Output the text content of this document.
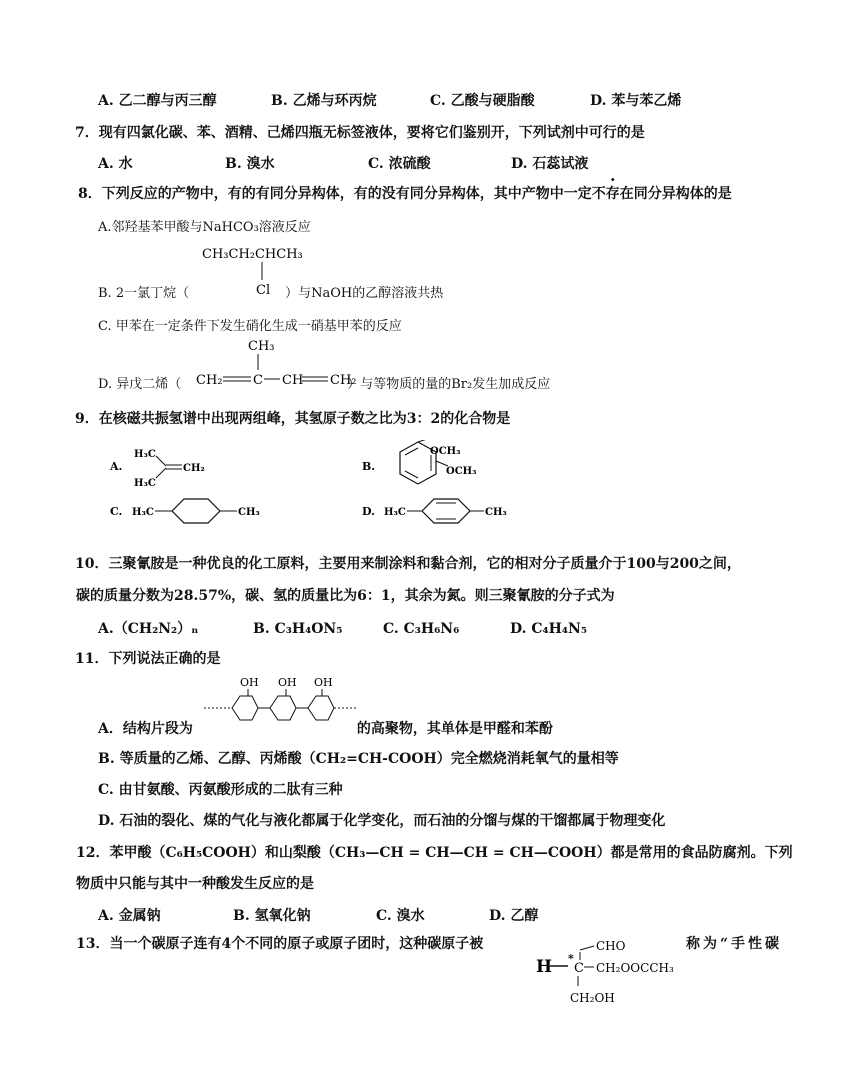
A. 乙二醇与丙三醇	B. 乙烯与环丙烷	C. 乙酸与硬脂酸	D. 苯与苯乙烯
7．现有四氯化碳、苯、酒精、己烯四瓶无标签液体，要将它们鉴别开，下列试剂中可行的是
A. 水	B. 溴水	C. 浓硫酸	D. 石蕊试液
8．下列反应的产物中，有的有同分异构体，有的没有同分异构体，其中产物中一定不存在同分异构体的是
A.邻羟基苯甲酸与NaHCO₃溶液反应
B. 2一氯丁烷（	）与NaOH的乙醇溶液共热
CH₃CH₂CHCH₃
Cl
C. 甲苯在一定条件下发生硝化生成一硝基甲苯的反应
D. 异戊二烯（	）与等物质的量的Br₂发生加成反应
CH₃
CH₂ C CH CH₂
9．在核磁共振氢谱中出现两组峰，其氢原子数之比为3：2的化合物是
A.
H₃C
H₃C
CH₂	B.
OCH₃
OCH₃
C. H₃C	CH₃	D. H₃C	CH₃
10．三聚氰胺是一种优良的化工原料，主要用来制涂料和黏合剂，它的相对分子质量介于100与200之间，
碳的质量分数为28.57%，碳、氢的质量比为6：1，其余为氮。则三聚氰胺的分子式为
A.（CH₂N₂）ₙ	B. C₃H₄ON₅	C. C₃H₆N₆	D. C₄H₄N₅
11．下列说法正确的是
A．结构片段为	的高聚物，其单体是甲醛和苯酚
OH OH OH
B. 等质量的乙烯、乙醇、丙烯酸（CH₂=CH-COOH）完全燃烧消耗氧气的量相等
C. 由甘氨酸、丙氨酸形成的二肽有三种
D. 石油的裂化、煤的气化与液化都属于化学变化，而石油的分馏与煤的干馏都属于物理变化
12．苯甲酸（C₆H₅COOH）和山梨酸（CH₃—CH = CH—CH = CH—COOH）都是常用的食品防腐剂。下列
物质中只能与其中一种酸发生反应的是
A. 金属钠	B. 氢氧化钠	C. 溴水	D. 乙醇
13．当一个碳原子连有4个不同的原子或原子团时，这种碳原子被	称为“手性碳
CHO
H *
C CH₂OOCCH₃
CH₂OH
